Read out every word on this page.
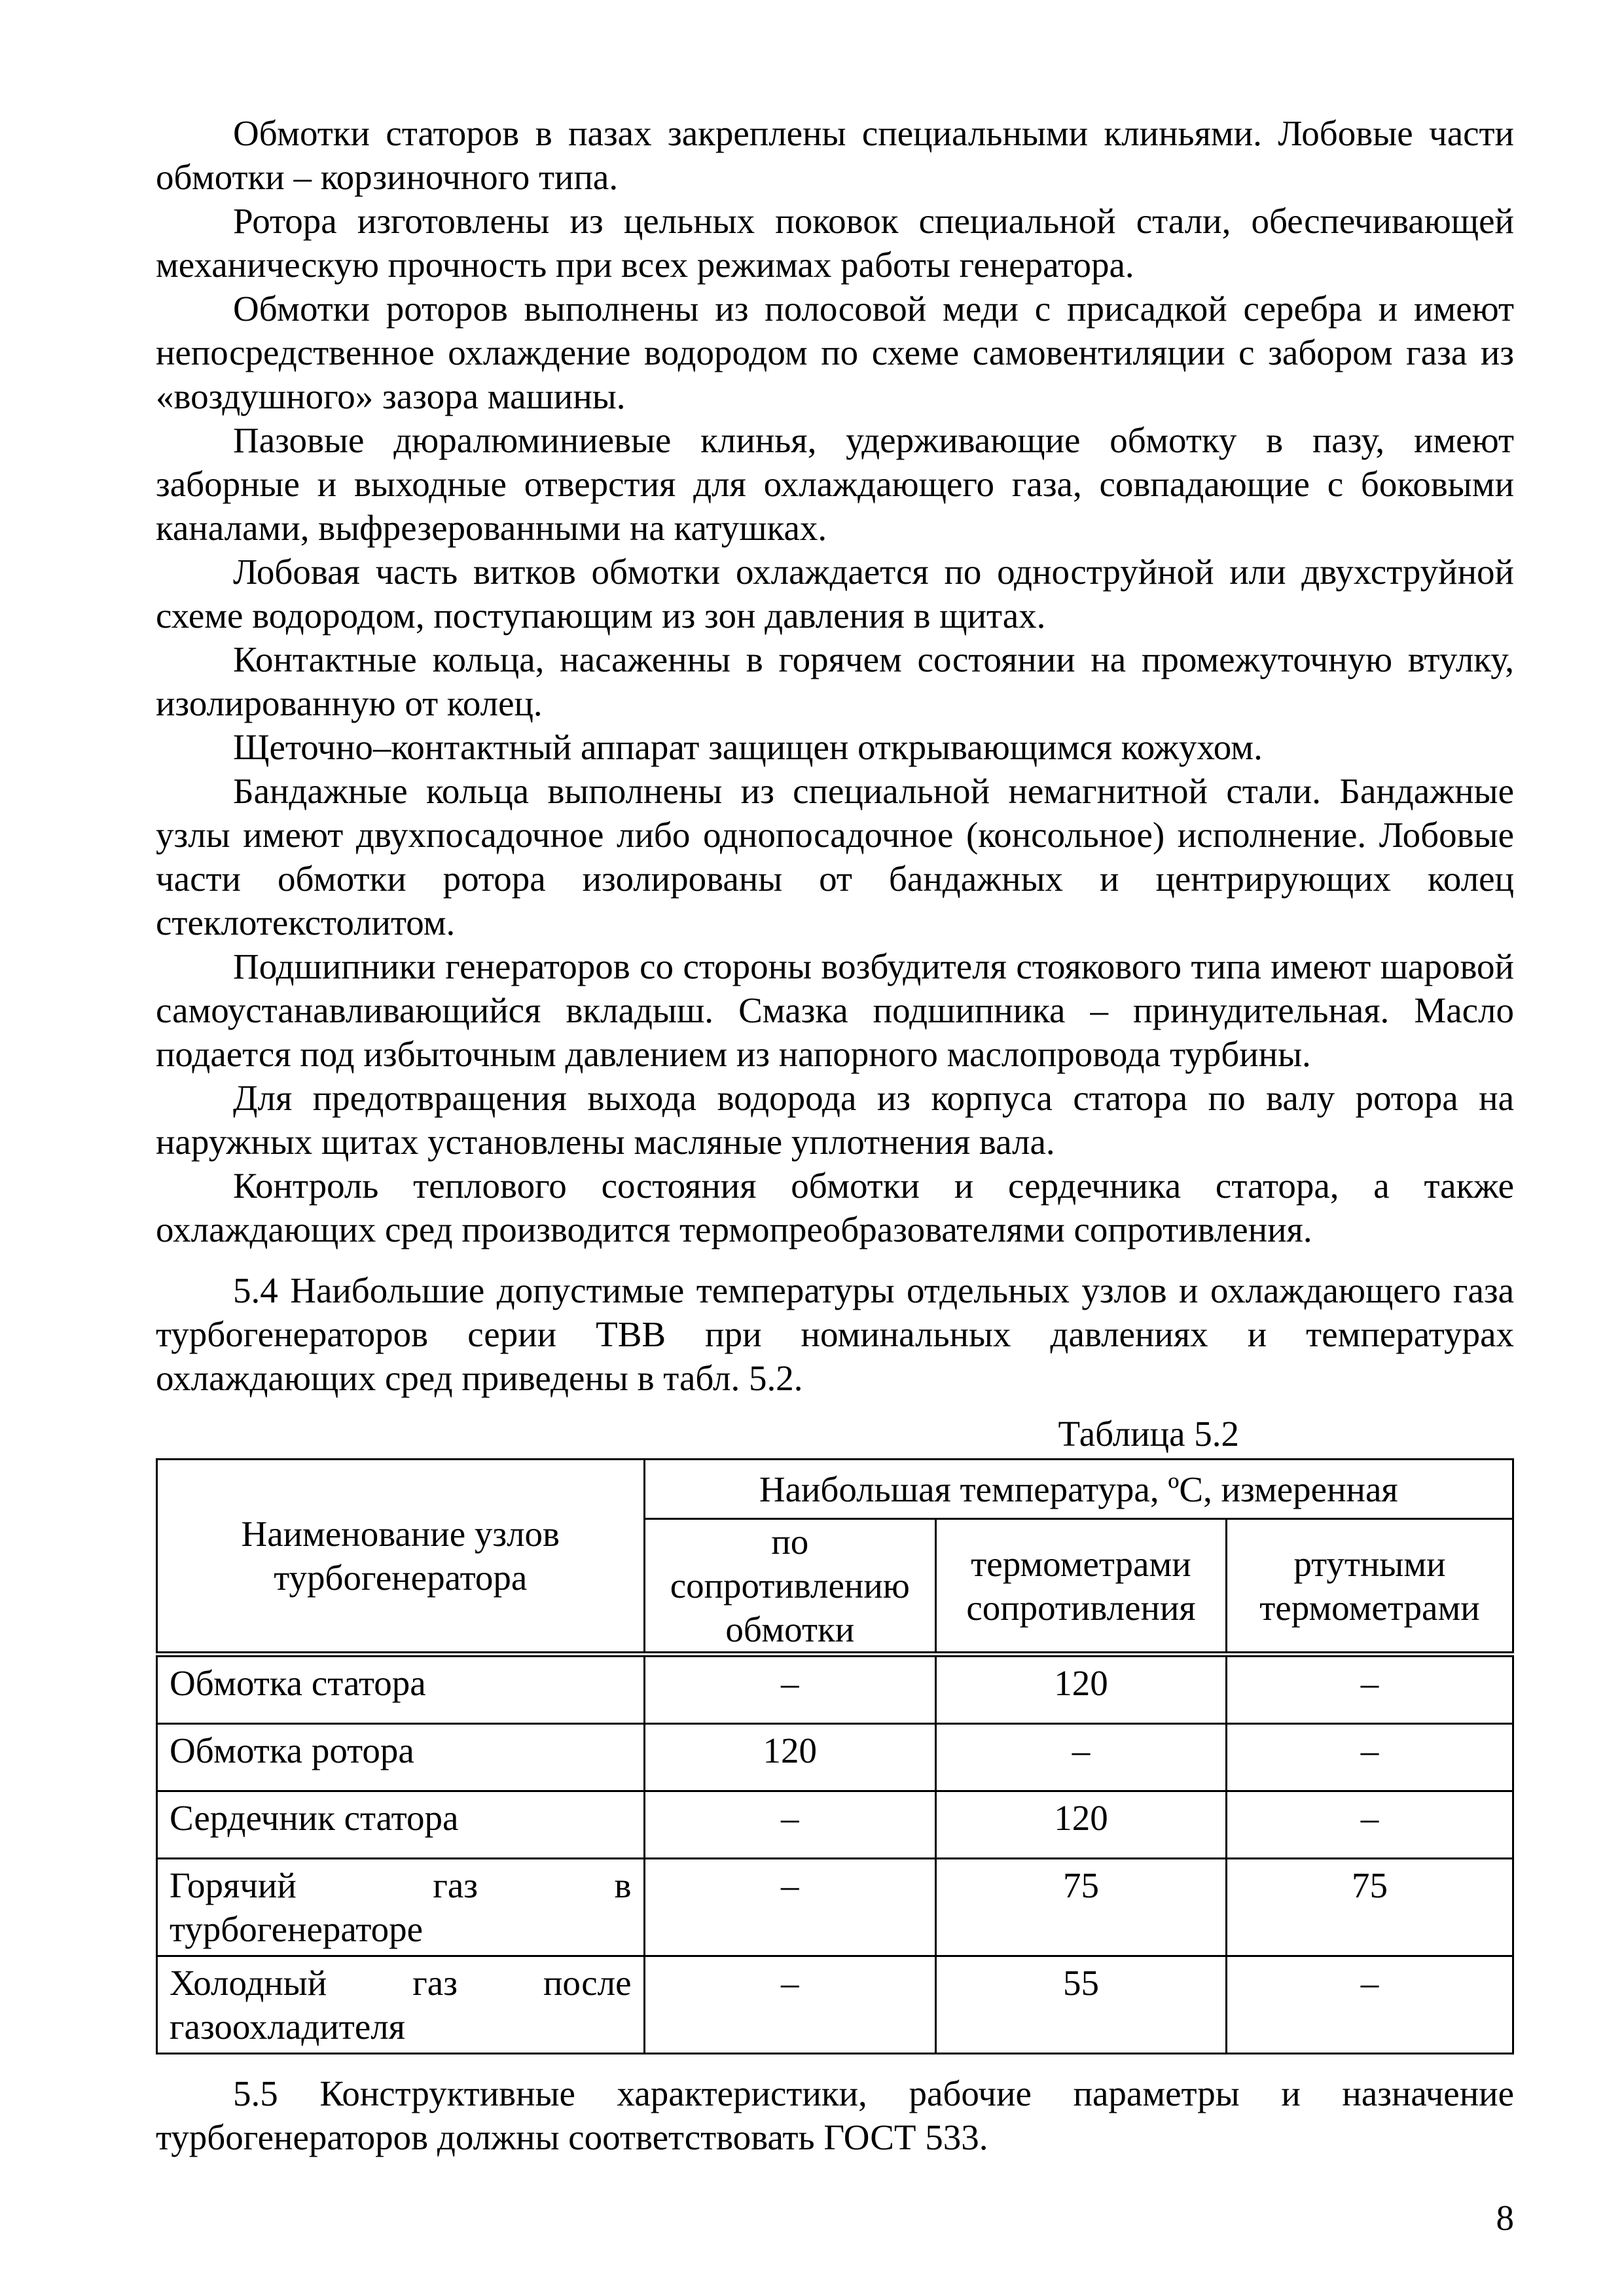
Обмотки статоров в пазах закреплены специальными клиньями. Лобовые части обмотки – корзиночного типа.

Ротора изготовлены из цельных поковок специальной стали, обеспечивающей механическую прочность при всех режимах работы генератора.

Обмотки роторов выполнены из полосовой меди с присадкой серебра и имеют непосредственное охлаждение водородом по схеме самовентиляции с забором газа из «воздушного» зазора машины.

Пазовые дюралюминиевые клинья, удерживающие обмотку в пазу, имеют заборные и выходные отверстия для охлаждающего газа, совпадающие с боковыми каналами, выфрезерованными на катушках.

Лобовая часть витков обмотки охлаждается по одноструйной или двухструйной схеме водородом, поступающим из зон давления в щитах.

Контактные кольца, насаженны в горячем состоянии на промежуточную втулку, изолированную от колец.

Щеточно–контактный аппарат защищен открывающимся кожухом.

Бандажные кольца выполнены из специальной немагнитной стали. Бандажные узлы имеют двухпосадочное либо однопосадочное (консольное) исполнение. Лобовые части обмотки ротора изолированы от бандажных и центрирующих колец стеклотекстолитом.

Подшипники генераторов со стороны возбудителя стоякового типа имеют шаровой самоустанавливающийся вкладыш. Смазка подшипника – принудительная. Масло подается под избыточным давлением из напорного маслопровода турбины.

Для предотвращения выхода водорода из корпуса статора по валу ротора на наружных щитах установлены масляные уплотнения вала.

Контроль теплового состояния обмотки и сердечника статора, а также охлаждающих сред производится термопреобразователями сопротивления.

5.4 Наибольшие допустимые температуры отдельных узлов и охлаждающего газа турбогенераторов серии ТВВ при номинальных давлениях и температурах охлаждающих сред приведены в табл. 5.2.

Таблица 5.2
Наименование узлов турбогенератора	Наибольшая температура, ºC, измеренная		
	по сопротивлению обмотки	термометрами сопротивления	ртутными термометрами
Обмотка статора	–	120	–
Обмотка ротора	120	–	–
Сердечник статора	–	120	–
Горячий газ в турбогенераторе	–	75	75
Холодный газ после газоохладителя	–	55	–

5.5 Конструктивные характеристики, рабочие параметры и назначение турбогенераторов должны соответствовать ГОСТ 533.

8
